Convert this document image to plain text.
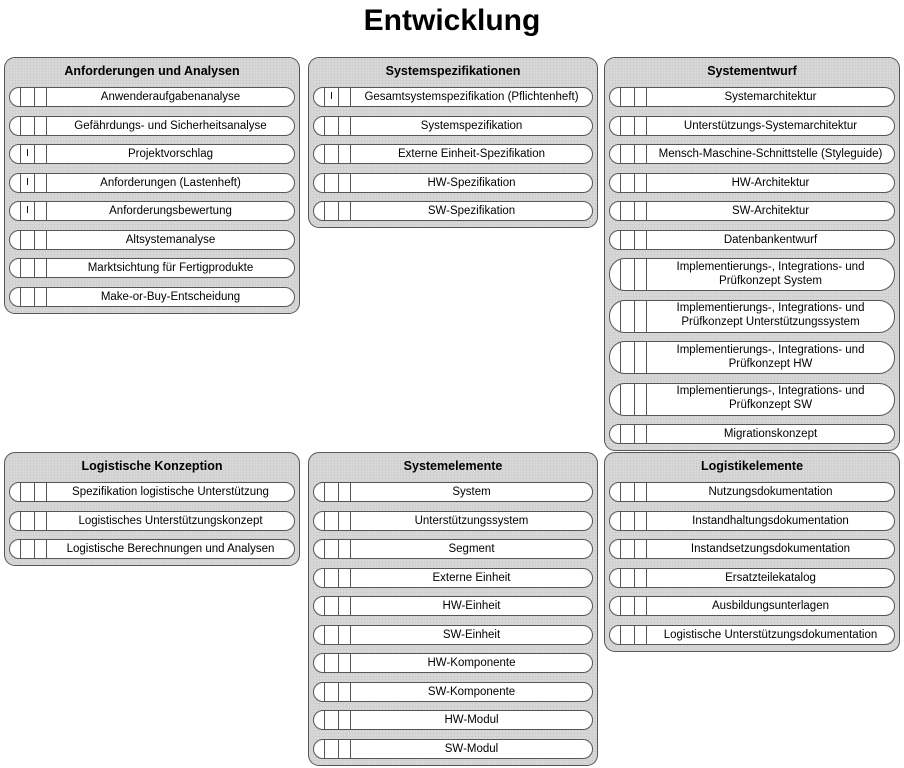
Entwicklung
Anforderungen und Analysen
Anwenderaufgabenanalyse
Gefährdungs- und Sicherheitsanalyse
I	Projektvorschlag
I	Anforderungen (Lastenheft)
I	Anforderungsbewertung
Altsystemanalyse
Marktsichtung für Fertigprodukte
Make-or-Buy-Entscheidung
Systemspezifikationen
I	Gesamtsystemspezifikation (Pflichtenheft)
Systemspezifikation
Externe Einheit-Spezifikation
HW-Spezifikation
SW-Spezifikation
Systementwurf
Systemarchitektur
Unterstützungs-Systemarchitektur
Mensch-Maschine-Schnittstelle (Styleguide)
HW-Architektur
SW-Architektur
Datenbankentwurf
Implementierungs-, Integrations- und Prüfkonzept System
Implementierungs-, Integrations- und Prüfkonzept Unterstützungssystem
Implementierungs-, Integrations- und Prüfkonzept HW
Implementierungs-, Integrations- und Prüfkonzept SW
Migrationskonzept
Logistische Konzeption
Spezifikation logistische Unterstützung
Logistisches Unterstützungskonzept
Logistische Berechnungen und Analysen
Systemelemente
System
Unterstützungssystem
Segment
Externe Einheit
HW-Einheit
SW-Einheit
HW-Komponente
SW-Komponente
HW-Modul
SW-Modul
Logistikelemente
Nutzungsdokumentation
Instandhaltungsdokumentation
Instandsetzungsdokumentation
Ersatzteilekatalog
Ausbildungsunterlagen
Logistische Unterstützungsdokumentation
